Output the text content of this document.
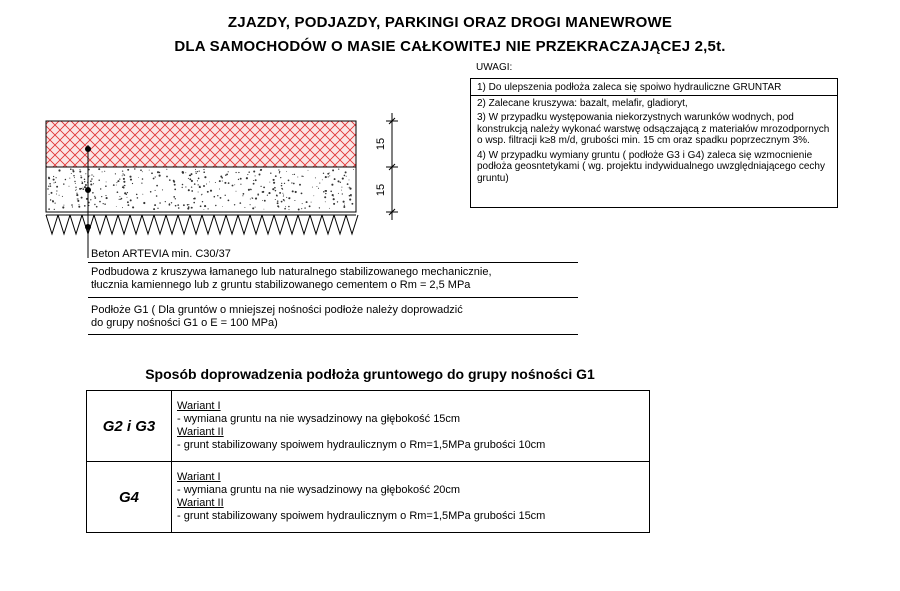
ZJAZDY, PODJAZDY, PARKINGI ORAZ DROGI MANEWROWE
DLA SAMOCHODÓW O MASIE CAŁKOWITEJ NIE PRZEKRACZAJĄCEJ 2,5t.
UWAGI:
1) Do ulepszenia podłoża zaleca się spoiwo hydrauliczne GRUNTAR
2) Zalecane kruszywa: bazalt, melafir, gladioryt,
3) W przypadku występowania niekorzystnych warunków wodnych, pod konstrukcją należy wykonać warstwę odsączającą z materiałów mrozodpornych o wsp. filtracji k≥8 m/d, grubości min. 15 cm oraz spadku poprzecznym 3%.
4) W przypadku wymiany gruntu ( podłoże G3 i G4) zaleca się wzmocnienie podłoża geosntetykami ( wg. projektu indywidualnego uwzględniającego cechy gruntu)
15
15
Beton ARTEVIA min. C30/37
Podbudowa z kruszywa łamanego lub naturalnego stabilizowanego mechanicznie,
tłucznia kamiennego lub z gruntu stabilizowanego cementem o Rm = 2,5 MPa
Podłoże G1 ( Dla gruntów o mniejszej nośności podłoże należy doprowadzić
do grupy nośności G1 o E = 100 MPa)
Sposób doprowadzenia podłoża gruntowego do grupy nośności G1
G2 i G3	Wariant I
- wymiana gruntu na nie wysadzinowy na głębokość 15cm
Wariant II
- grunt stabilizowany spoiwem hydraulicznym o Rm=1,5MPa grubości 10cm

G4	Wariant I
- wymiana gruntu na nie wysadzinowy na głębokość 20cm
Wariant II
- grunt stabilizowany spoiwem hydraulicznym o Rm=1,5MPa grubości 15cm
